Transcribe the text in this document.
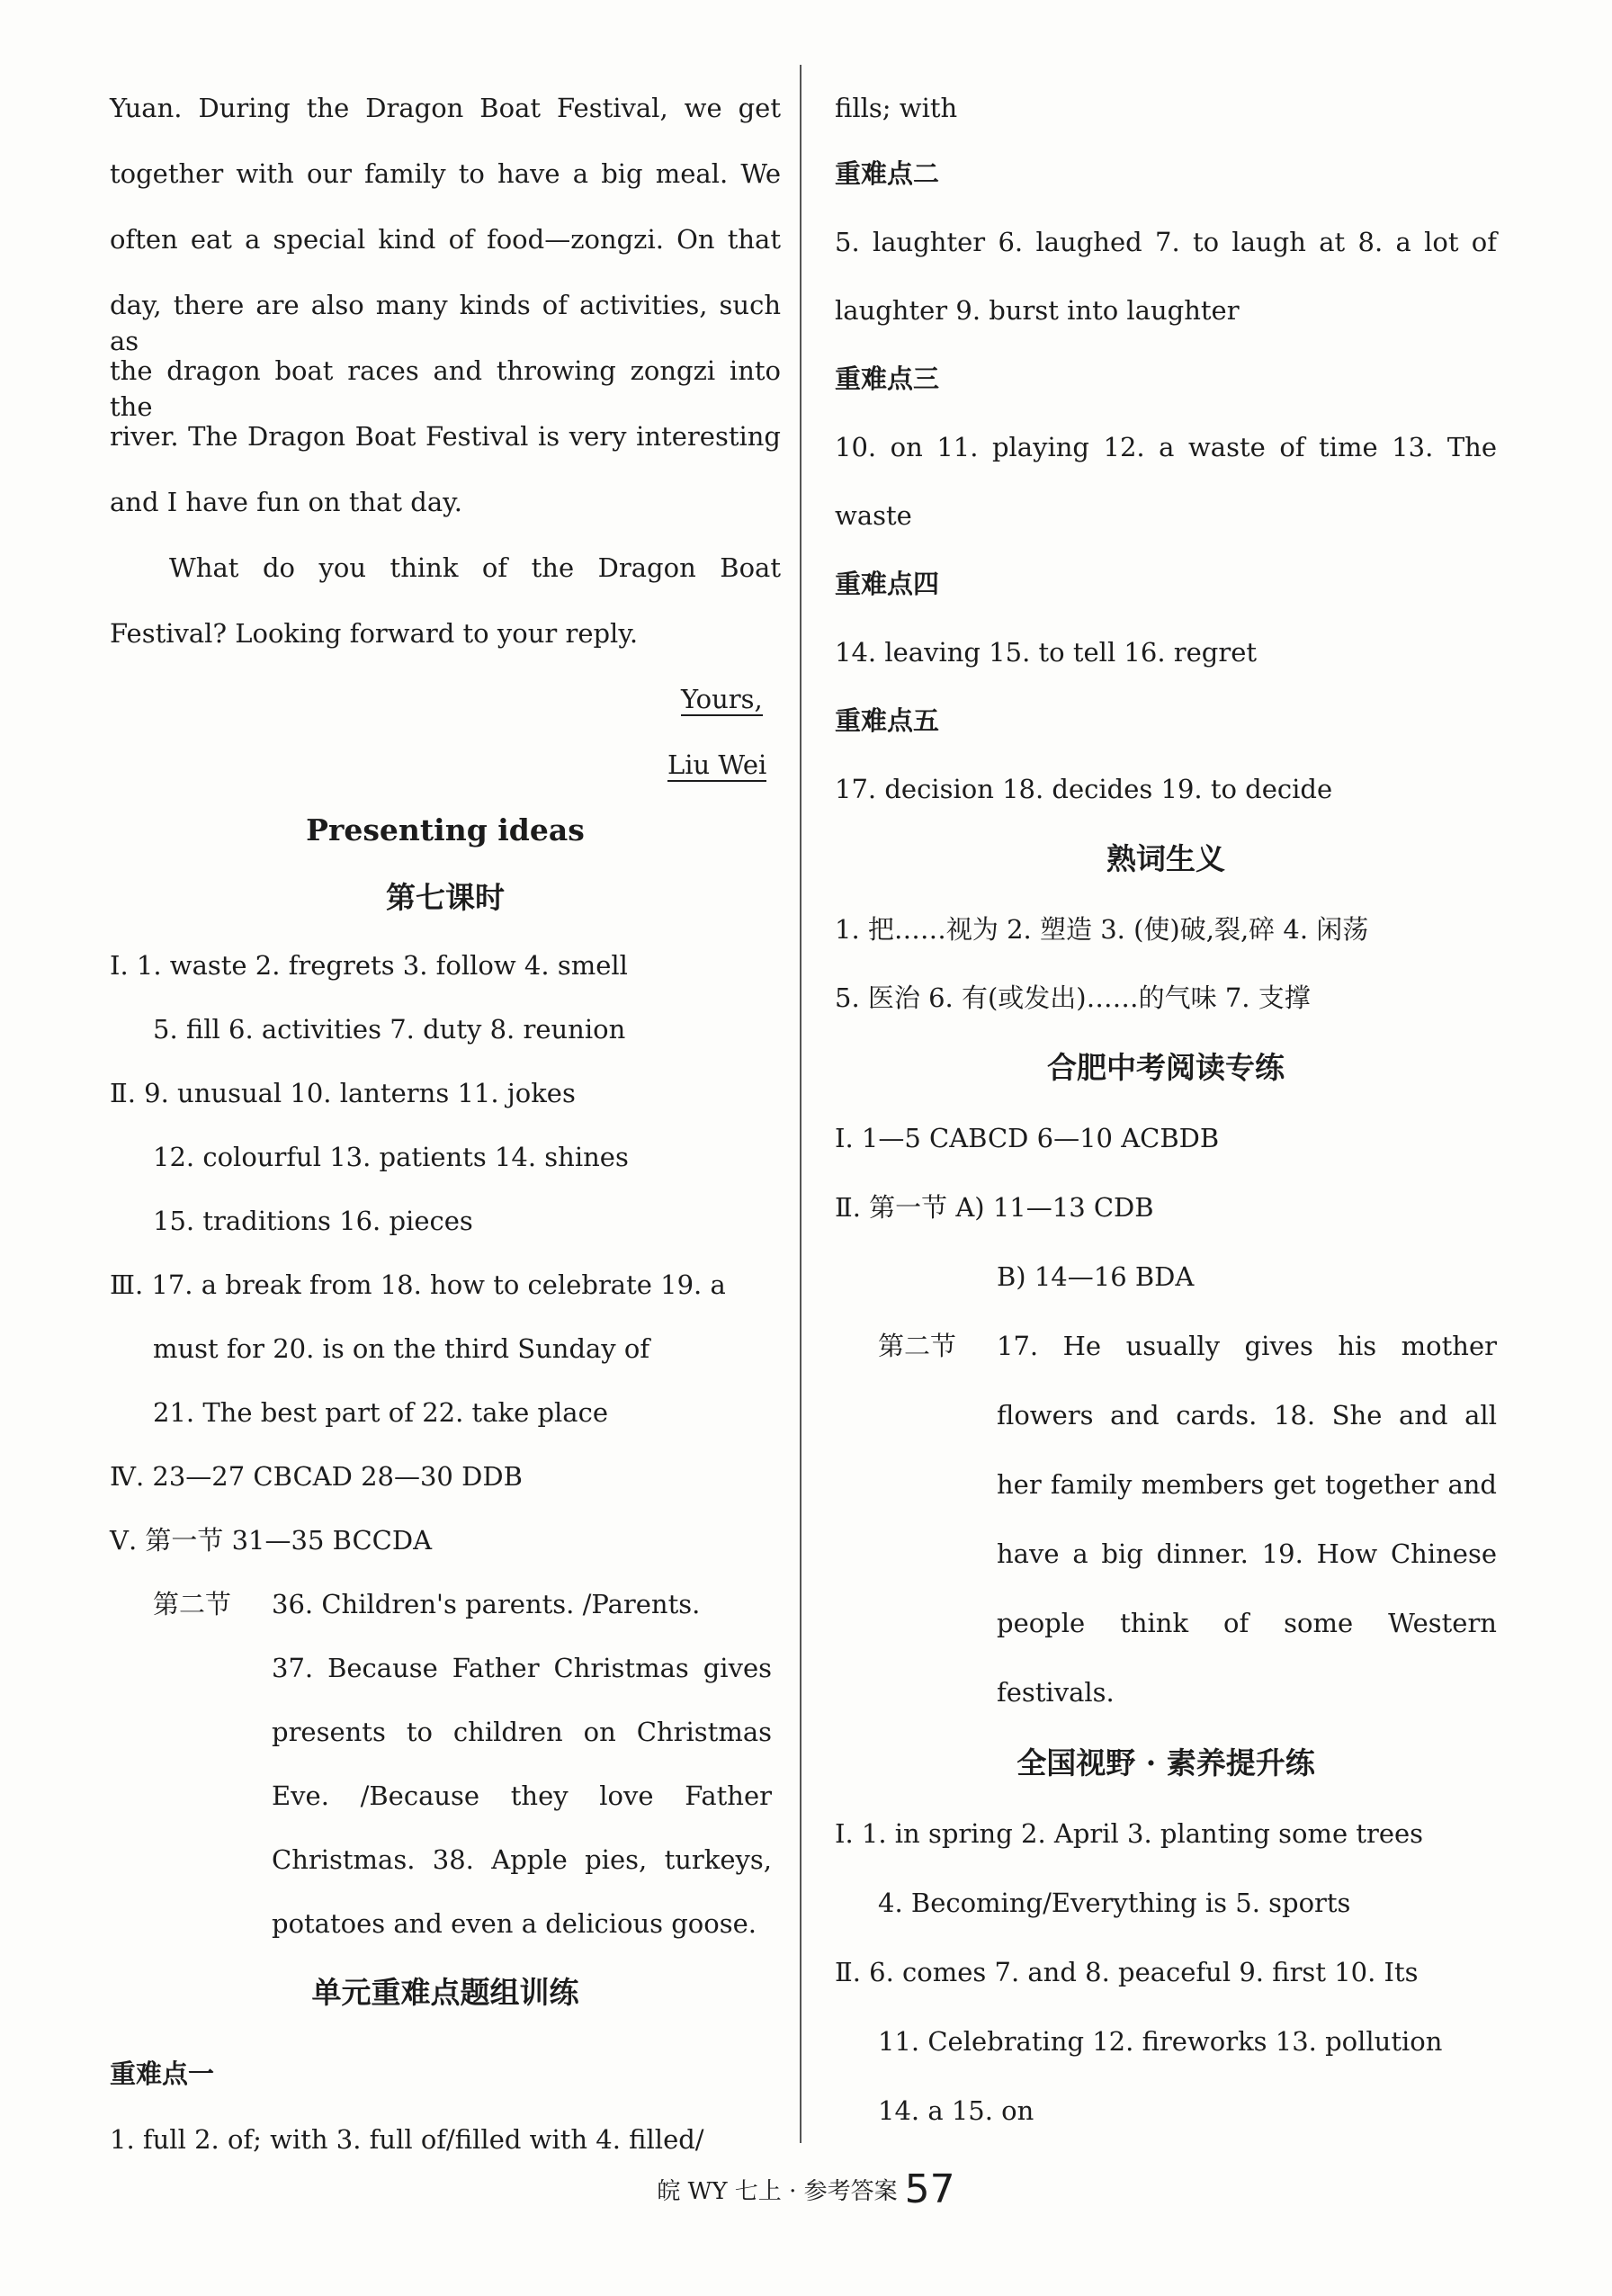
Yuan. During the Dragon Boat Festival, we get
together with our family to have a big meal. We
often eat a special kind of food—zongzi. On that
day, there are also many kinds of activities, such as
the dragon boat races and throwing zongzi into the
river. The Dragon Boat Festival is very interesting
and I have fun on that day.
What do you think of the Dragon Boat
Festival? Looking forward to your reply.
Yours,
Liu Wei
Presenting ideas
第七课时
Ⅰ. 1. waste 2. fregrets 3. follow 4. smell
5. fill 6. activities 7. duty 8. reunion
Ⅱ. 9. unusual 10. lanterns 11. jokes
12. colourful 13. patients 14. shines
15. traditions 16. pieces
Ⅲ. 17. a break from 18. how to celebrate 19. a
must for 20. is on the third Sunday of
21. The best part of 22. take place
Ⅳ. 23—27 CBCAD 28—30 DDB
Ⅴ. 第一节 31—35 BCCDA
第二节 36. Children's parents. /Parents.
37. Because Father Christmas gives
presents to children on Christmas
Eve. /Because they love Father
Christmas. 38. Apple pies, turkeys,
potatoes and even a delicious goose.
单元重难点题组训练
重难点一
1. full 2. of; with 3. full of/filled with 4. filled/
fills; with
重难点二
5. laughter 6. laughed 7. to laugh at 8. a lot of
laughter 9. burst into laughter
重难点三
10. on 11. playing 12. a waste of time 13. The
waste
重难点四
14. leaving 15. to tell 16. regret
重难点五
17. decision 18. decides 19. to decide
熟词生义
1. 把……视为 2. 塑造 3. (使)破,裂,碎 4. 闲荡
5. 医治 6. 有(或发出)……的气味 7. 支撑
合肥中考阅读专练
Ⅰ. 1—5 CABCD 6—10 ACBDB
Ⅱ. 第一节 A) 11—13 CDB
B) 14—16 BDA
第二节 17. He usually gives his mother
flowers and cards. 18. She and all
her family members get together and
have a big dinner. 19. How Chinese
people think of some Western
festivals.
全国视野 · 素养提升练
Ⅰ. 1. in spring 2. April 3. planting some trees
4. Becoming/Everything is 5. sports
Ⅱ. 6. comes 7. and 8. peaceful 9. first 10. Its
11. Celebrating 12. fireworks 13. pollution
14. a 15. on
皖 WY 七上 · 参考答案 57
